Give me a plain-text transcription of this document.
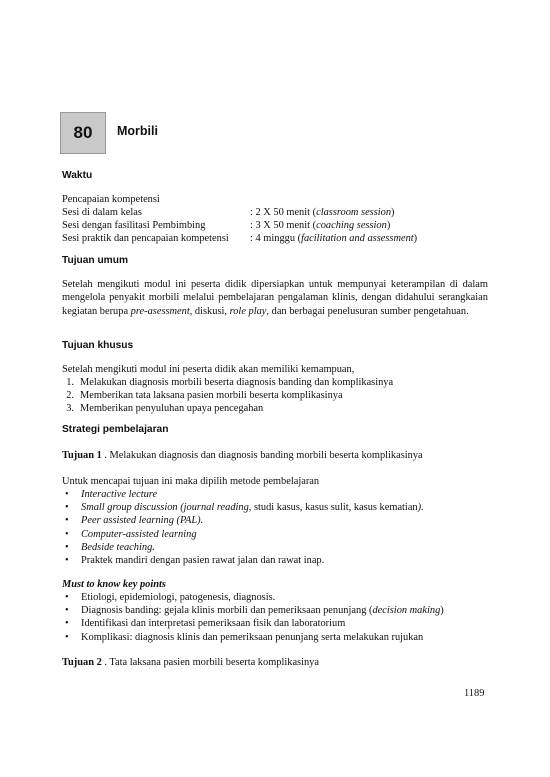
80 Morbili
Waktu
Pencapaian kompetensi
Sesi di dalam kelas	: 2 X 50 menit (classroom session)
Sesi dengan fasilitasi Pembimbing	: 3 X 50 menit (coaching session)
Sesi praktik dan pencapaian kompetensi : 4 minggu (facilitation and assessment)
Tujuan umum
Setelah mengikuti modul ini peserta didik dipersiapkan untuk mempunyai keterampilan di dalam mengelola penyakit morbili melalui pembelajaran pengalaman klinis, dengan didahului serangkaian kegiatan berupa pre-asessment, diskusi, role play, dan berbagai penelusuran sumber pengetahuan.
Tujuan khusus
Setelah mengikuti modul ini peserta didik akan memiliki kemampuan,
1. Melakukan diagnosis morbili beserta diagnosis banding dan komplikasinya
2. Memberikan tata laksana pasien morbili beserta komplikasinya
3. Memberikan penyuluhan upaya pencegahan
Strategi pembelajaran
Tujuan 1 . Melakukan diagnosis dan diagnosis banding morbili beserta komplikasinya
Untuk mencapai tujuan ini maka dipilih metode pembelajaran
• Interactive lecture
• Small group discussion (journal reading, studi kasus, kasus sulit, kasus kematian).
• Peer assisted learning (PAL).
• Computer-assisted learning
• Bedside teaching.
• Praktek mandiri dengan pasien rawat jalan dan rawat inap.
Must to know key points
• Etiologi, epidemiologi, patogenesis, diagnosis.
• Diagnosis banding: gejala klinis morbili dan pemeriksaan penunjang (decision making)
• Identifikasi dan interpretasi pemeriksaan fisik dan laboratorium
• Komplikasi: diagnosis klinis dan pemeriksaan penunjang serta melakukan rujukan
Tujuan 2 . Tata laksana pasien morbili beserta komplikasinya
1189
